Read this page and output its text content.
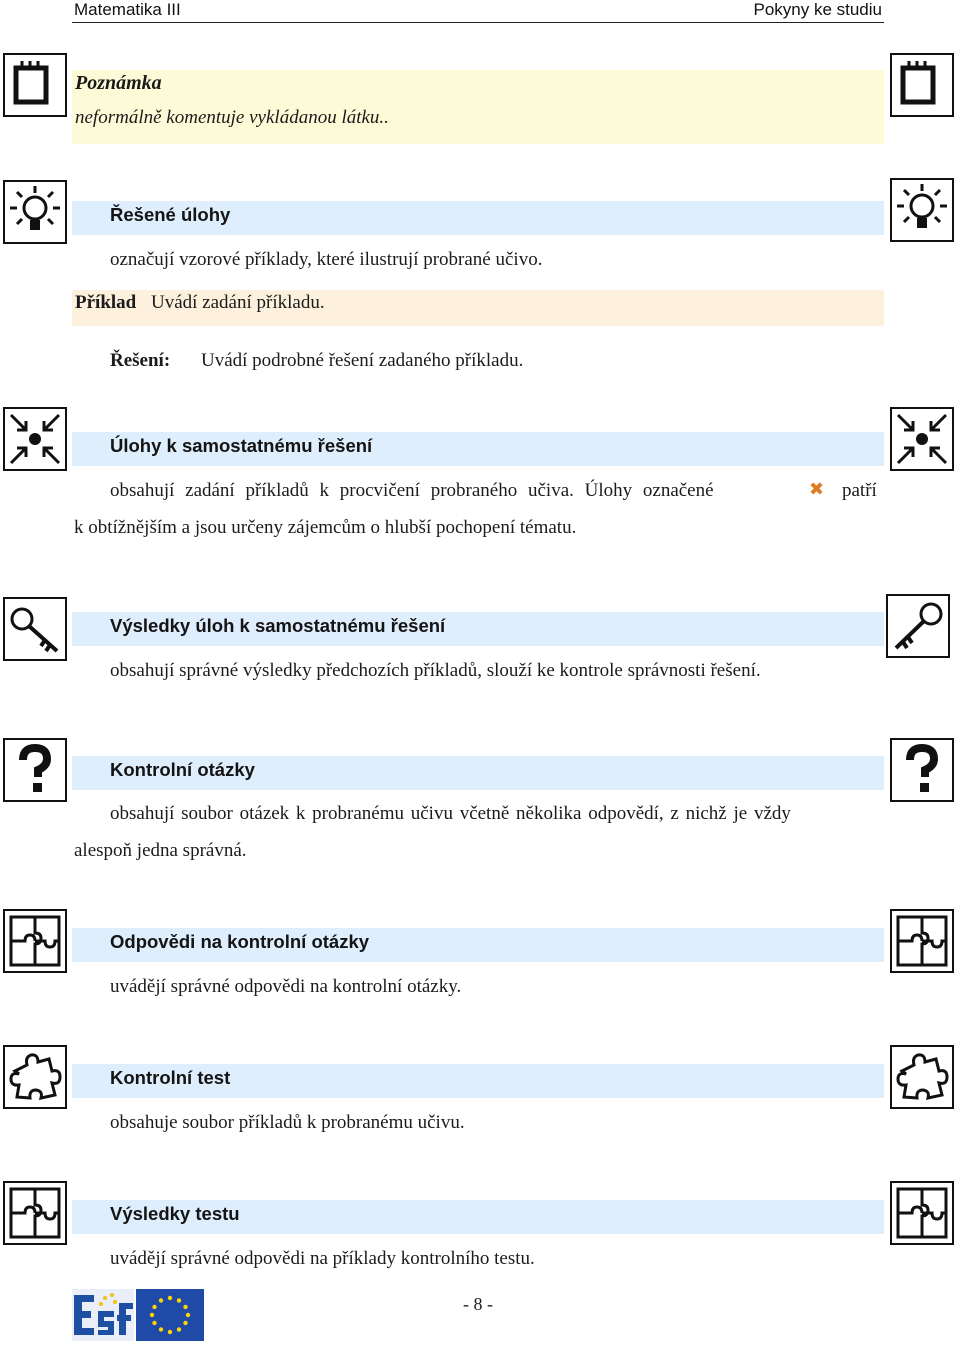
Matematika III	Pokyny ke studiu
Poznámka
neformálně komentuje vykládanou látku..
Řešené úlohy
označují vzorové příklady, které ilustrují probrané učivo.
Příklad Uvádí zadání příkladu.
Řešení: Uvádí podrobné řešení zadaného příkladu.
Úlohy k samostatnému řešení
obsahují zadání příkladů k procvičení probraného učiva. Úlohy označené	✖ patří
k obtížnějším a jsou určeny zájemcům o hlubší pochopení tématu.
Výsledky úloh k samostatnému řešení
obsahují správné výsledky předchozích příkladů, slouží ke kontrole správnosti řešení.
Kontrolní otázky
obsahují soubor otázek k probranému učivu včetně několika odpovědí, z nichž je vždy
alespoň jedna správná.
Odpovědi na kontrolní otázky
uvádějí správné odpovědi na kontrolní otázky.
Kontrolní test
obsahuje soubor příkladů k probranému učivu.
Výsledky testu
uvádějí správné odpovědi na příklady kontrolního testu.
- 8 -
